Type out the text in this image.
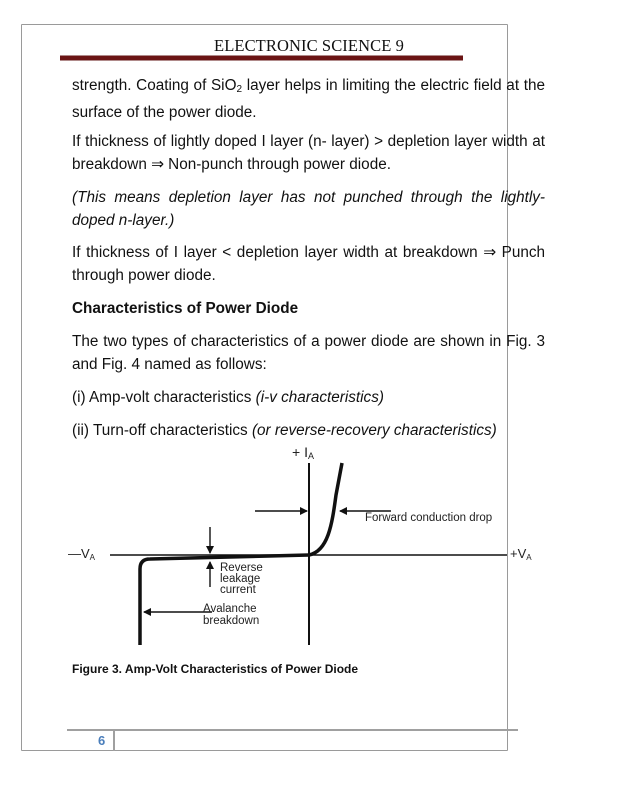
ELECTRONIC SCIENCE 9
strength. Coating of SiO$_2$ layer helps in limiting the electric field at the surface of the power diode.
If thickness of lightly doped I layer (n- layer) > depletion layer width at breakdown ⇒ Non-punch through power diode.
(This means depletion layer has not punched through the lightly-doped n-layer.)
If thickness of I layer < depletion layer width at breakdown ⇒ Punch through power diode.
Characteristics of Power Diode
The two types of characteristics of a power diode are shown in Fig. 3 and Fig. 4 named as follows:
(i) Amp-volt characteristics (i-v characteristics)
(ii) Turn-off characteristics (or reverse-recovery characteristics)
+ $I_A$
$+V_A$
$—V_A$
Forward conduction drop
Reverse
leakage
current
Avalanche
breakdown
Figure 3. Amp-Volt Characteristics of Power Diode
6
